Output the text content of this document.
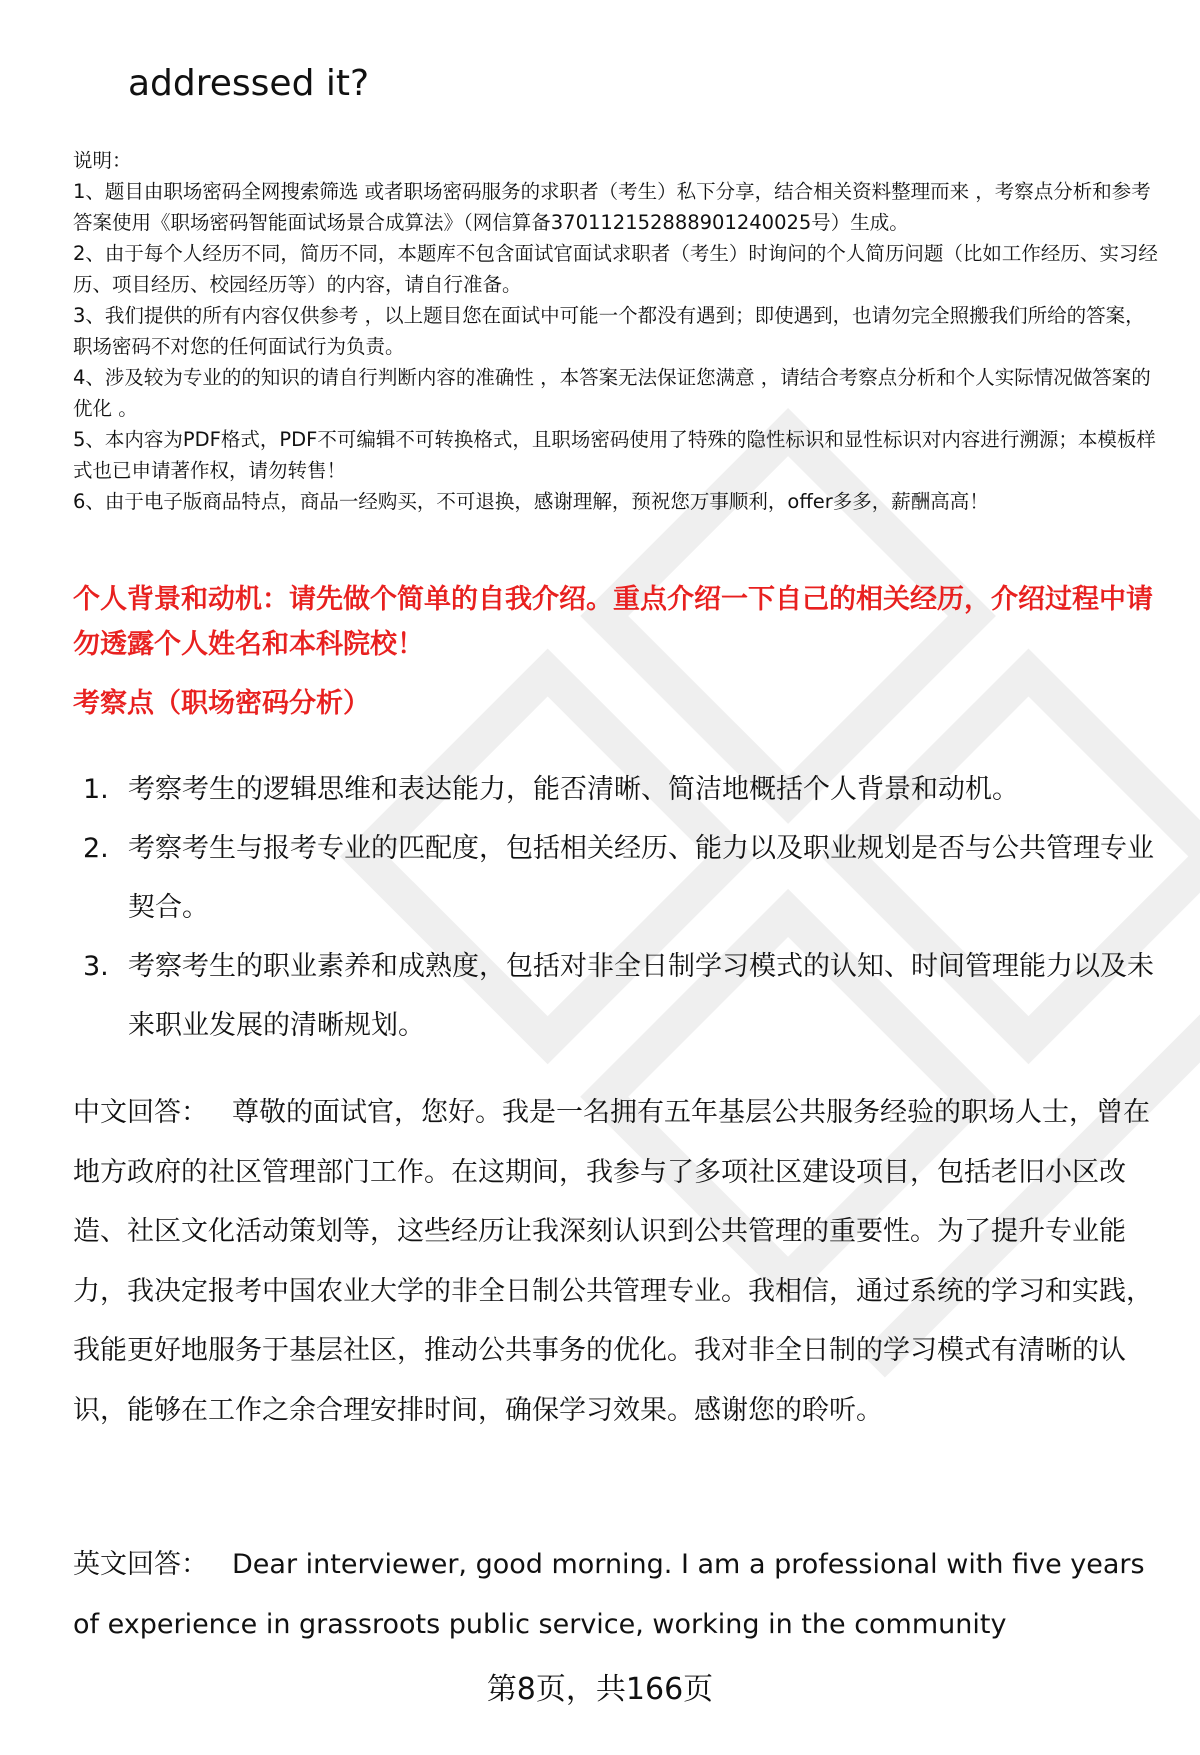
addressed it?
说明：
1、题目由职场密码全网搜索筛选 或者职场密码服务的求职者（考生）私下分享，结合相关资料整理而来 ，考察点分析和参考答案使用《职场密码智能面试场景合成算法》（网信算备370112152888901240025号）生成。
2、由于每个人经历不同，简历不同，本题库不包含面试官面试求职者（考生）时询问的个人简历问题（比如工作经历、实习经历、项目经历、校园经历等）的内容，请自行准备。
3、我们提供的所有内容仅供参考 ，以上题目您在面试中可能一个都没有遇到；即使遇到，也请勿完全照搬我们所给的答案，职场密码不对您的任何面试行为负责。
4、涉及较为专业的的知识的请自行判断内容的准确性 ，本答案无法保证您满意 ，请结合考察点分析和个人实际情况做答案的优化 。
5、本内容为PDF格式，PDF不可编辑不可转换格式，且职场密码使用了特殊的隐性标识和显性标识对内容进行溯源；本模板样式也已申请著作权，请勿转售！
6、由于电子版商品特点，商品一经购买，不可退换，感谢理解，预祝您万事顺利，offer多多，薪酬高高！
个人背景和动机：请先做个简单的自我介绍。重点介绍一下自己的相关经历，介绍过程中请勿透露个人姓名和本科院校！
考察点（职场密码分析）
1. 考察考生的逻辑思维和表达能力，能否清晰、简洁地概括个人背景和动机。
2. 考察考生与报考专业的匹配度，包括相关经历、能力以及职业规划是否与公共管理专业契合。
3. 考察考生的职业素养和成熟度，包括对非全日制学习模式的认知、时间管理能力以及未来职业发展的清晰规划。
中文回答： 尊敬的面试官，您好。我是一名拥有五年基层公共服务经验的职场人士，曾在地方政府的社区管理部门工作。在这期间，我参与了多项社区建设项目，包括老旧小区改造、社区文化活动策划等，这些经历让我深刻认识到公共管理的重要性。为了提升专业能力，我决定报考中国农业大学的非全日制公共管理专业。我相信，通过系统的学习和实践，我能更好地服务于基层社区，推动公共事务的优化。我对非全日制的学习模式有清晰的认识，能够在工作之余合理安排时间，确保学习效果。感谢您的聆听。
英文回答： Dear interviewer, good morning. I am a professional with five years of experience in grassroots public service, working in the community
第8页，共166页
